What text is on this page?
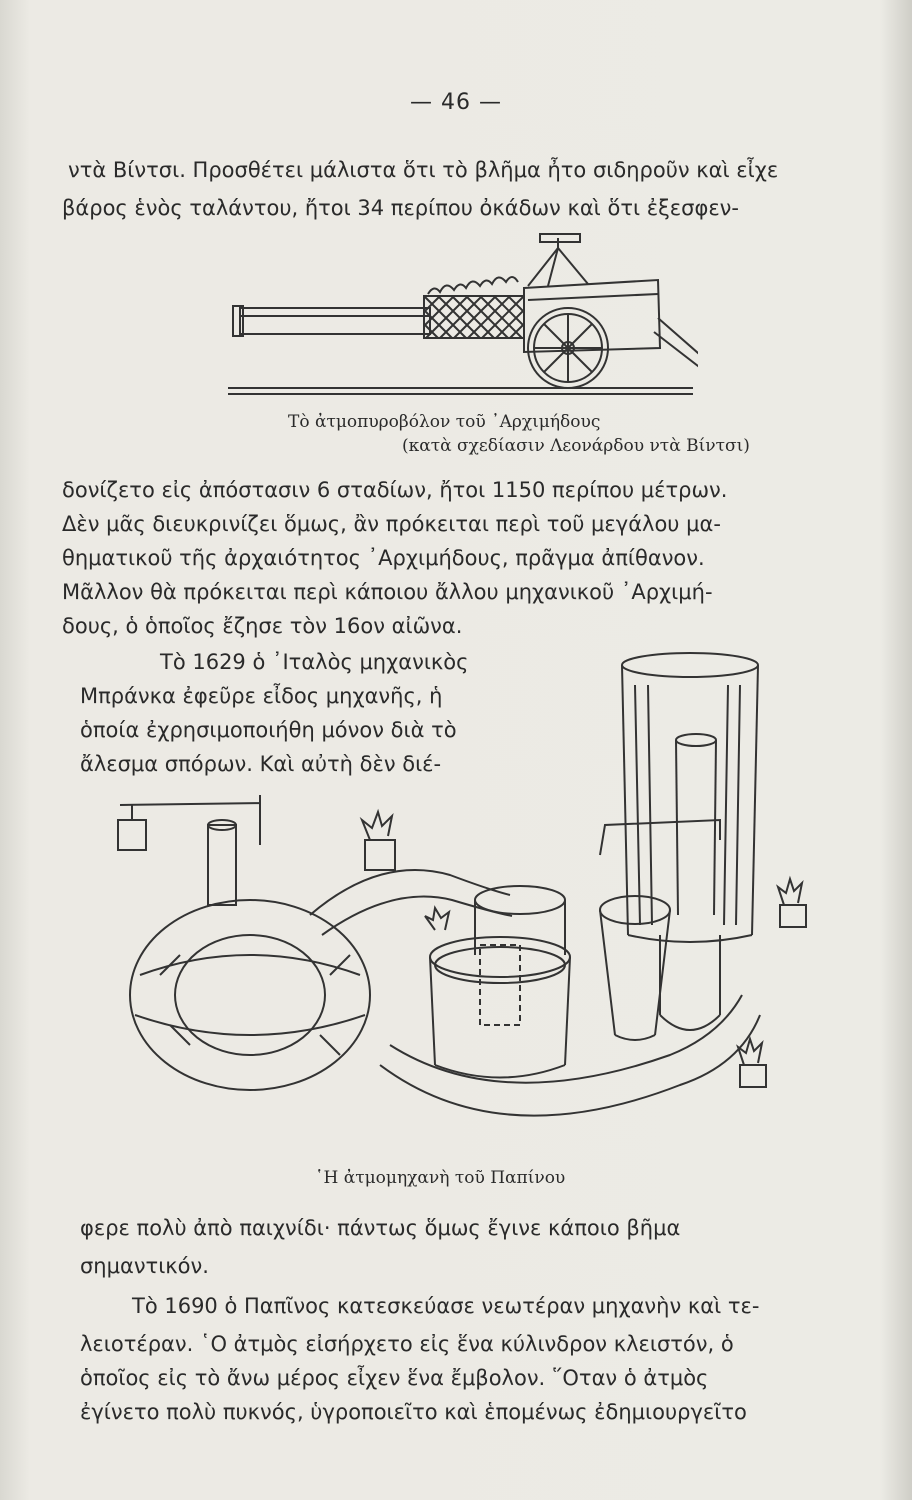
— 46 —
ντὰ Βίντσι. Προσθέτει μάλιστα ὅτι τὸ βλῆμα ἦτο σιδηροῦν καὶ εἶχε
βάρος ἑνὸς ταλάντου, ἤτοι 34 περίπου ὀκάδων καὶ ὅτι ἐξεσφεν-
Τὸ ἀτμοπυροβόλον τοῦ ᾿Αρχιμήδους
(κατὰ σχεδίασιν Λεονάρδου ντὰ Βίντσι)
δονίζετο εἰς ἀπόστασιν 6 σταδίων, ἤτοι 1150 περίπου μέτρων.
Δὲν μᾶς διευκρινίζει ὅμως, ἂν πρόκειται περὶ τοῦ μεγάλου μα-
θηματικοῦ τῆς ἀρχαιότητος ᾿Αρχιμήδους, πρᾶγμα ἀπίθανον.
Μᾶλλον θὰ πρόκειται περὶ κάποιου ἄλλου μηχανικοῦ ᾿Αρχιμή-
δους, ὁ ὁποῖος ἔζησε τὸν 16ον αἰῶνα.
Τὸ 1629 ὁ ᾿Ιταλὸς μηχανικὸς
Μπράνκα ἐφεῦρε εἶδος μηχανῆς, ἡ
ὁποία ἐχρησιμοποιήθη μόνον διὰ τὸ
ἄλεσμα σπόρων. Καὶ αὐτὴ δὲν διέ-
῾Η ἀτμομηχανὴ τοῦ Παπίνου
φερε πολὺ ἀπὸ παιχνίδι· πάντως ὅμως ἔγινε κάποιο βῆμα
σημαντικόν.
Τὸ 1690 ὁ Παπῖνος κατεσκεύασε νεωτέραν μηχανὴν καὶ τε-
λειοτέραν. ῾Ο ἀτμὸς εἰσήρχετο εἰς ἕνα κύλινδρον κλειστόν, ὁ
ὁποῖος εἰς τὸ ἄνω μέρος εἶχεν ἕνα ἔμβολον. ῞Οταν ὁ ἀτμὸς
ἐγίνετο πολὺ πυκνός, ὑγροποιεῖτο καὶ ἑπομένως ἐδημιουργεῖτο
